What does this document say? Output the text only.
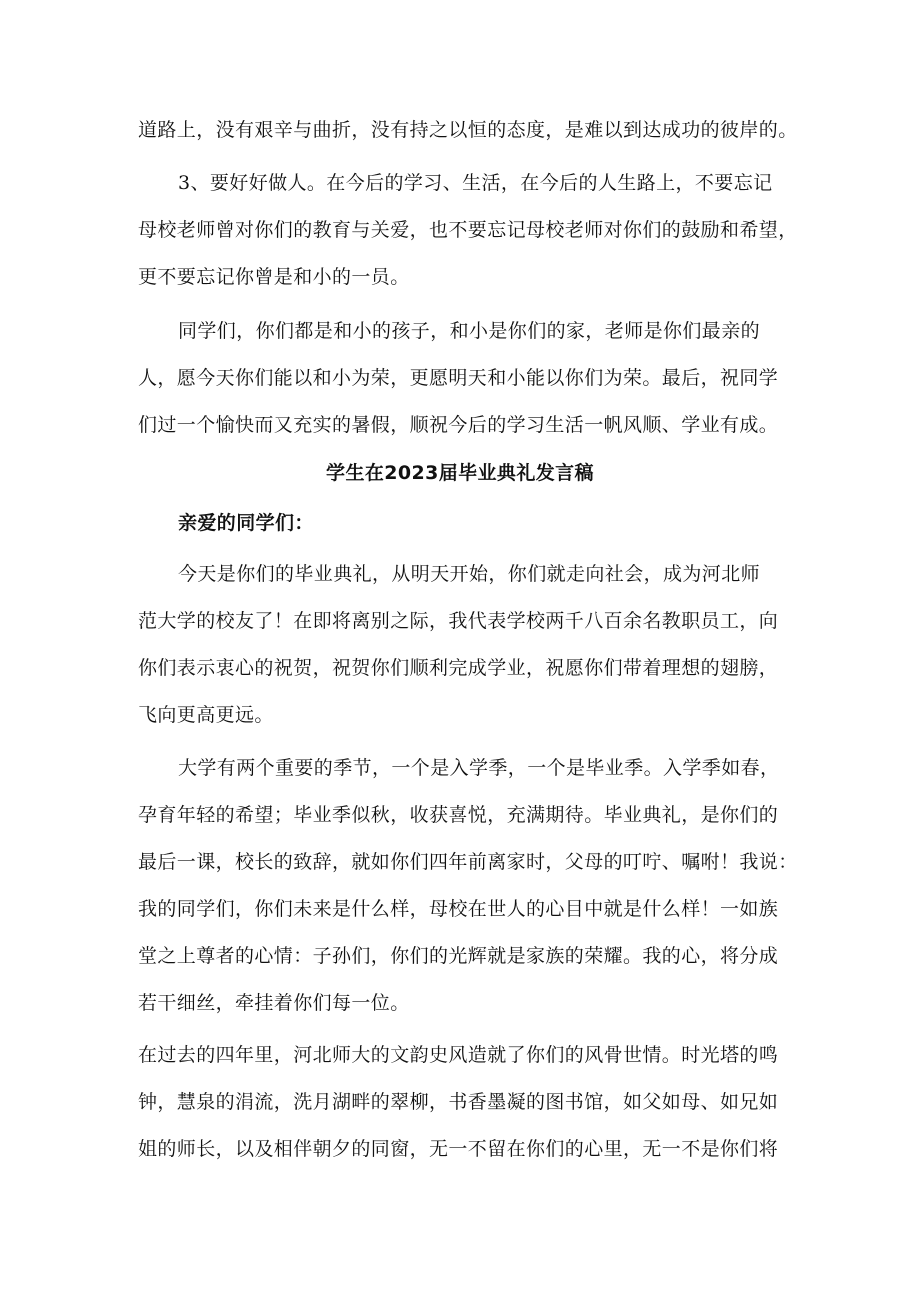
道路上，没有艰辛与曲折，没有持之以恒的态度，是难以到达成功的彼岸的。
3、要好好做人。在今后的学习、生活，在今后的人生路上，不要忘记
母校老师曾对你们的教育与关爱，也不要忘记母校老师对你们的鼓励和希望，
更不要忘记你曾是和小的一员。
同学们，你们都是和小的孩子，和小是你们的家，老师是你们最亲的
人，愿今天你们能以和小为荣，更愿明天和小能以你们为荣。最后，祝同学
们过一个愉快而又充实的暑假，顺祝今后的学习生活一帆风顺、学业有成。
学生在2023届毕业典礼发言稿
亲爱的同学们：
今天是你们的毕业典礼，从明天开始，你们就走向社会，成为河北师
范大学的校友了！在即将离别之际，我代表学校两千八百余名教职员工，向
你们表示衷心的祝贺，祝贺你们顺利完成学业，祝愿你们带着理想的翅膀，
飞向更高更远。
大学有两个重要的季节，一个是入学季，一个是毕业季。入学季如春，
孕育年轻的希望；毕业季似秋，收获喜悦，充满期待。毕业典礼，是你们的
最后一课，校长的致辞，就如你们四年前离家时，父母的叮咛、嘱咐！我说：
我的同学们，你们未来是什么样，母校在世人的心目中就是什么样！一如族
堂之上尊者的心情：子孙们，你们的光辉就是家族的荣耀。我的心，将分成
若干细丝，牵挂着你们每一位。
在过去的四年里，河北师大的文韵史风造就了你们的风骨世情。时光塔的鸣
钟，慧泉的涓流，洗月湖畔的翠柳，书香墨凝的图书馆，如父如母、如兄如
姐的师长，以及相伴朝夕的同窗，无一不留在你们的心里，无一不是你们将
